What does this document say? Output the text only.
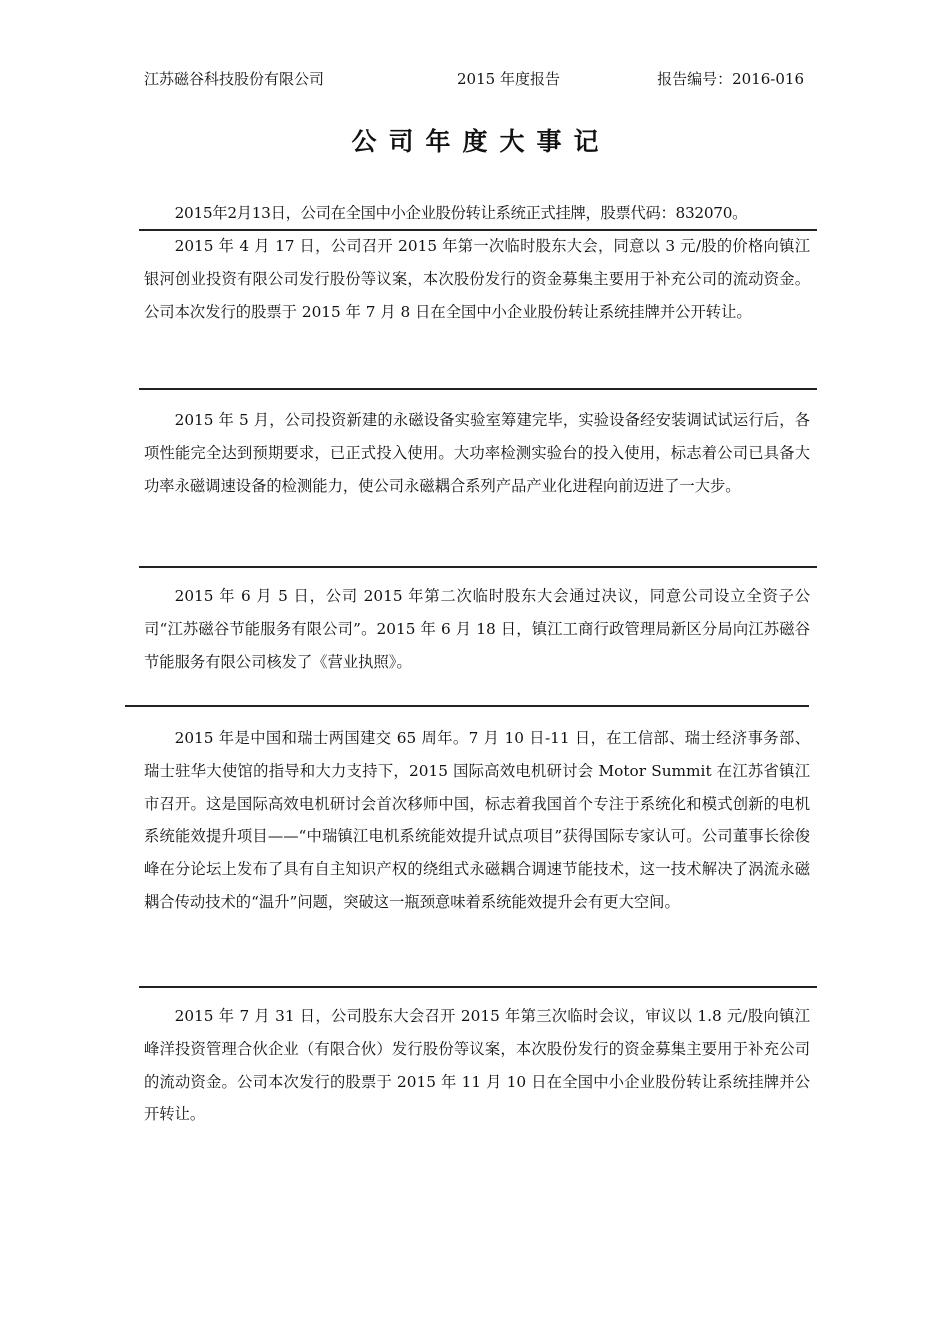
江苏磁谷科技股份有限公司	2015 年度报告	报告编号：2016-016
公司年度大事记

2015年2月13日，公司在全国中小企业股份转让系统正式挂牌，股票代码：832070。

2015 年 4 月 17 日，公司召开 2015 年第一次临时股东大会，同意以 3 元/股的价格向镇江银河创业投资有限公司发行股份等议案，本次股份发行的资金募集主要用于补充公司的流动资金。公司本次发行的股票于 2015 年 7 月 8 日在全国中小企业股份转让系统挂牌并公开转让。

2015 年 5 月，公司投资新建的永磁设备实验室筹建完毕，实验设备经安装调试试运行后，各项性能完全达到预期要求，已正式投入使用。大功率检测实验台的投入使用，标志着公司已具备大功率永磁调速设备的检测能力，使公司永磁耦合系列产品产业化进程向前迈进了一大步。

2015 年 6 月 5 日，公司 2015 年第二次临时股东大会通过决议，同意公司设立全资子公司“江苏磁谷节能服务有限公司”。2015 年 6 月 18 日，镇江工商行政管理局新区分局向江苏磁谷节能服务有限公司核发了《营业执照》。

2015 年是中国和瑞士两国建交 65 周年。7 月 10 日-11 日，在工信部、瑞士经济事务部、瑞士驻华大使馆的指导和大力支持下，2015 国际高效电机研讨会 Motor Summit 在江苏省镇江市召开。这是国际高效电机研讨会首次移师中国，标志着我国首个专注于系统化和模式创新的电机系统能效提升项目——“中瑞镇江电机系统能效提升试点项目”获得国际专家认可。公司董事长徐俊峰在分论坛上发布了具有自主知识产权的绕组式永磁耦合调速节能技术，这一技术解决了涡流永磁耦合传动技术的“温升”问题，突破这一瓶颈意味着系统能效提升会有更大空间。

2015 年 7 月 31 日，公司股东大会召开 2015 年第三次临时会议，审议以 1.8 元/股向镇江峰洋投资管理合伙企业（有限合伙）发行股份等议案，本次股份发行的资金募集主要用于补充公司的流动资金。公司本次发行的股票于 2015 年 11 月 10 日在全国中小企业股份转让系统挂牌并公开转让。
